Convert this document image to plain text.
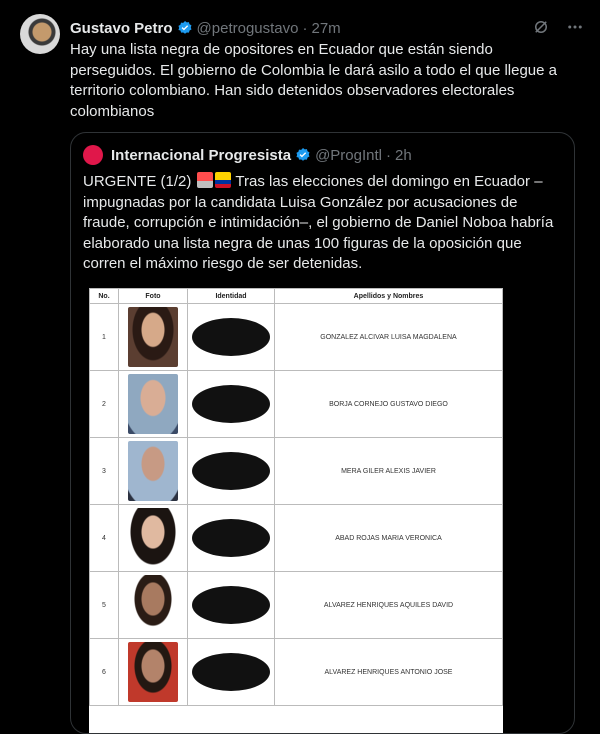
Gustavo Petro @petrogustavo · 27m
Hay una lista negra de opositores en Ecuador que están siendo perseguidos. El gobierno de Colombia le dará asilo a todo el que llegue a territorio colombiano. Han sido detenidos observadores electorales colombianos
Internacional Progresista @ProgIntl · 2h
URGENTE (1/2)  Tras las elecciones del domingo en Ecuador – impugnadas por la candidata Luisa González por acusaciones de fraude, corrupción e intimidación–, el gobierno de Daniel Noboa habría elaborado una lista negra de unas 100 figuras de la oposición que corren el máximo riesgo de ser detenidas.
No.	Foto	Identidad	Apellidos y Nombres
1			GONZALEZ ALCIVAR LUISA MAGDALENA
2			BORJA CORNEJO GUSTAVO DIEGO
3			MERA GILER ALEXIS JAVIER
4			ABAD ROJAS MARIA VERONICA
5			ALVAREZ HENRIQUES AQUILES DAVID
6			ALVAREZ HENRIQUES ANTONIO JOSE
